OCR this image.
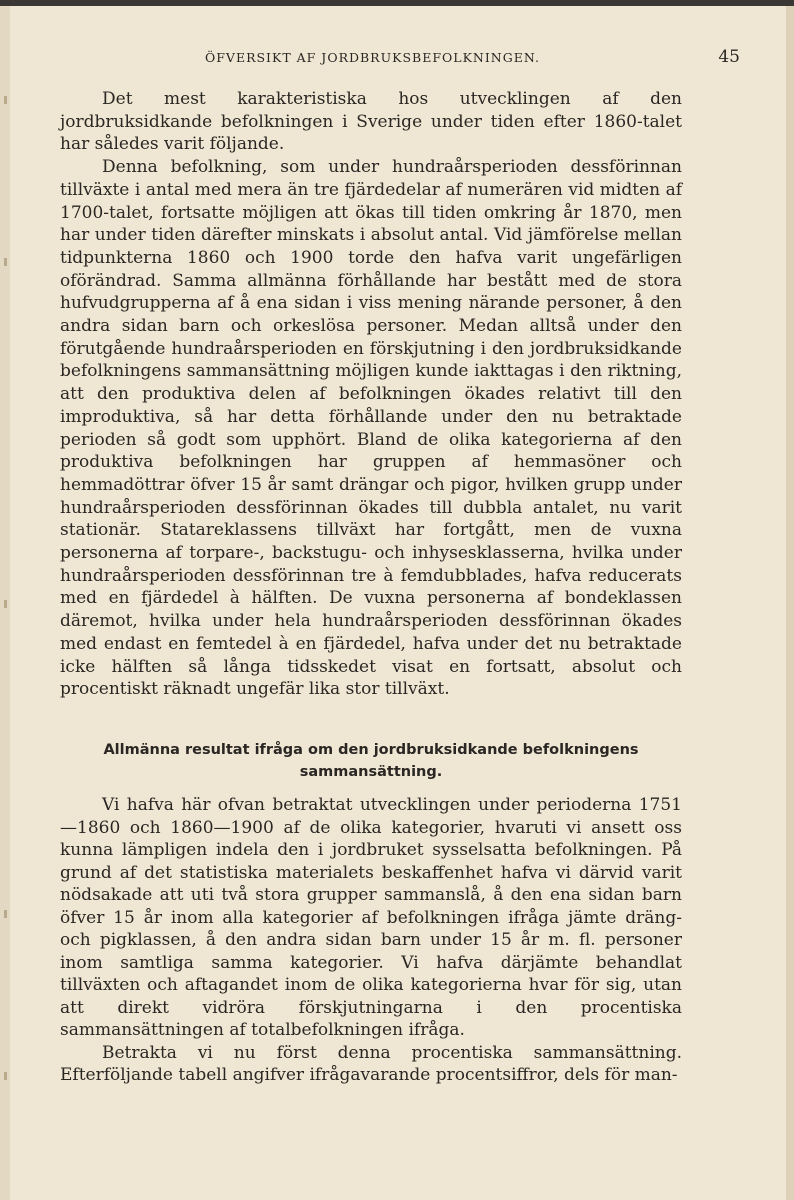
ÖFVERSIKT AF JORDBRUKSBEFOLKNINGEN.	45

Det mest karakteristiska hos utvecklingen af den jordbruksidkande befolkningen i Sverige under tiden efter 1860-talet har således varit följande.

Denna befolkning, som under hundraårsperioden dessförinnan tillväxte i antal med mera än tre fjärdedelar af numerären vid midten af 1700-talet, fortsatte möjligen att ökas till tiden omkring år 1870, men har under tiden därefter minskats i absolut antal. Vid jämförelse mellan tidpunkterna 1860 och 1900 torde den hafva varit ungefärligen oförändrad. Samma allmänna förhållande har bestått med de stora hufvudgrupperna af å ena sidan i viss mening närande personer, å den andra sidan barn och orkeslösa personer. Medan alltså under den förutgående hundraårsperioden en förskjutning i den jordbruksidkande befolkningens sammansättning möjligen kunde iakttagas i den riktning, att den produktiva delen af befolkningen ökades relativt till den improduktiva, så har detta förhållande under den nu betraktade perioden så godt som upphört. Bland de olika kategorierna af den produktiva befolkningen har gruppen af hemmasöner och hemmadöttrar öfver 15 år samt drängar och pigor, hvilken grupp under hundraårsperioden dessförinnan ökades till dubbla antalet, nu varit stationär. Statareklassens tillväxt har fortgått, men de vuxna personerna af torpare-, backstugu- och inhysesklasserna, hvilka under hundraårsperioden dessförinnan tre à femdubblades, hafva reducerats med en fjärdedel à hälften. De vuxna personerna af bondeklassen däremot, hvilka under hela hundraårsperioden dessförinnan ökades med endast en femtedel à en fjärdedel, hafva under det nu betraktade icke hälften så långa tidsskedet visat en fortsatt, absolut och procentiskt räknadt ungefär lika stor tillväxt.

Allmänna resultat ifråga om den jordbruksidkande befolkningens sammansättning.

Vi hafva här ofvan betraktat utvecklingen under perioderna 1751—1860 och 1860—1900 af de olika kategorier, hvaruti vi ansett oss kunna lämpligen indela den i jordbruket sysselsatta befolkningen. På grund af det statistiska materialets beskaffenhet hafva vi därvid varit nödsakade att uti två stora grupper sammanslå, å den ena sidan barn öfver 15 år inom alla kategorier af befolkningen ifråga jämte dräng- och pigklassen, å den andra sidan barn under 15 år m. fl. personer inom samtliga samma kategorier. Vi hafva därjämte behandlat tillväxten och aftagandet inom de olika kategorierna hvar för sig, utan att direkt vidröra förskjutningarna i den procentiska sammansättningen af totalbefolkningen ifråga.

Betrakta vi nu först denna procentiska sammansättning. Efterföljande tabell angifver ifrågavarande procentsiffror, dels för man-
